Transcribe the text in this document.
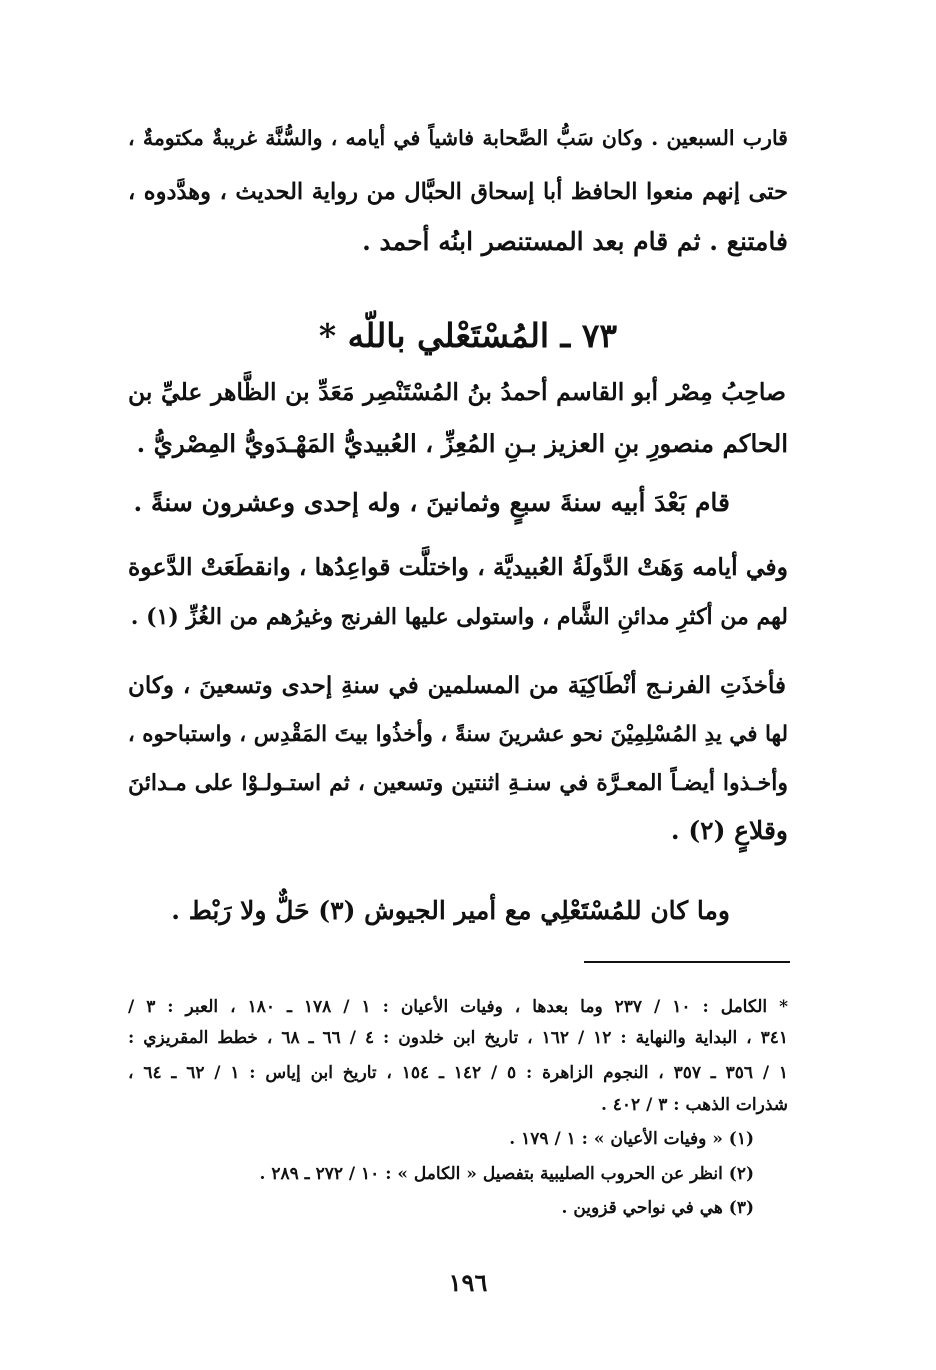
قارب السبعين . وكان سَبُّ الصَّحابة فاشياً في أيامه ، والسُّنَّة غريبةٌ مكتومةٌ ،
حتى إنهم منعوا الحافظ أبا إسحاق الحبَّال من رواية الحديث ، وهدَّدوه ،
فامتنع . ثم قام بعد المستنصر ابنُه أحمد .
٧٣ ـ المُسْتَعْلي باللّه *
صاحِبُ مِصْر أبو القاسم أحمدُ بنُ المُسْتَنْصِر مَعَدِّ بن الظَّاهر عليِّ بن
الحاكم منصورِ بنِ العزيز بـنِ المُعِزِّ ، العُبيديُّ المَهْـدَويُّ المِصْريُّ .
قام بَعْدَ أبيه سنةَ سبعٍ وثمانينَ ، وله إحدى وعشرون سنةً .
وفي أيامه وَهَتْ الدَّولَةُ العُبيديَّة ، واختلَّت قواعِدُها ، وانقطَعَتْ الدَّعوة
لهم من أكثرِ مدائنِ الشَّام ، واستولى عليها الفرنج وغيرُهم من الغُزِّ (١) .
فأخذَتِ الفرنـج أنْطَاكِيَة من المسلمين في سنةِ إحدى وتسعينَ ، وكان
لها في يدِ المُسْلِمِيْنَ نحو عشرينَ سنةً ، وأخذُوا بيتَ المَقْدِس ، واستباحوه ،
وأخـذوا أيضـاً المعـرَّة في سنـةِ اثنتين وتسعين ، ثم استـولـوْا على مـدائنَ
وقلاعٍ (٢) .
وما كان للمُسْتَعْلِي مع أمير الجيوش (٣) حَلٌّ ولا رَبْط .
* الكامل : ١٠ / ٢٣٧ وما بعدها ، وفيات الأعيان : ١ / ١٧٨ ـ ١٨٠ ، العبر : ٣ /
٣٤١ ، البداية والنهاية : ١٢ / ١٦٢ ، تاريخ ابن خلدون : ٤ / ٦٦ ـ ٦٨ ، خطط المقريزي :
١ / ٣٥٦ ـ ٣٥٧ ، النجوم الزاهرة : ٥ / ١٤٢ ـ ١٥٤ ، تاريخ ابن إياس : ١ / ٦٢ ـ ٦٤ ،
شذرات الذهب : ٣ / ٤٠٢ .
(١) « وفيات الأعيان » : ١ / ١٧٩ .
(٢) انظر عن الحروب الصليبية بتفصيل « الكامل » : ١٠ / ٢٧٢ ـ ٢٨٩ .
(٣) هي في نواحي قزوين .
١٩٦
